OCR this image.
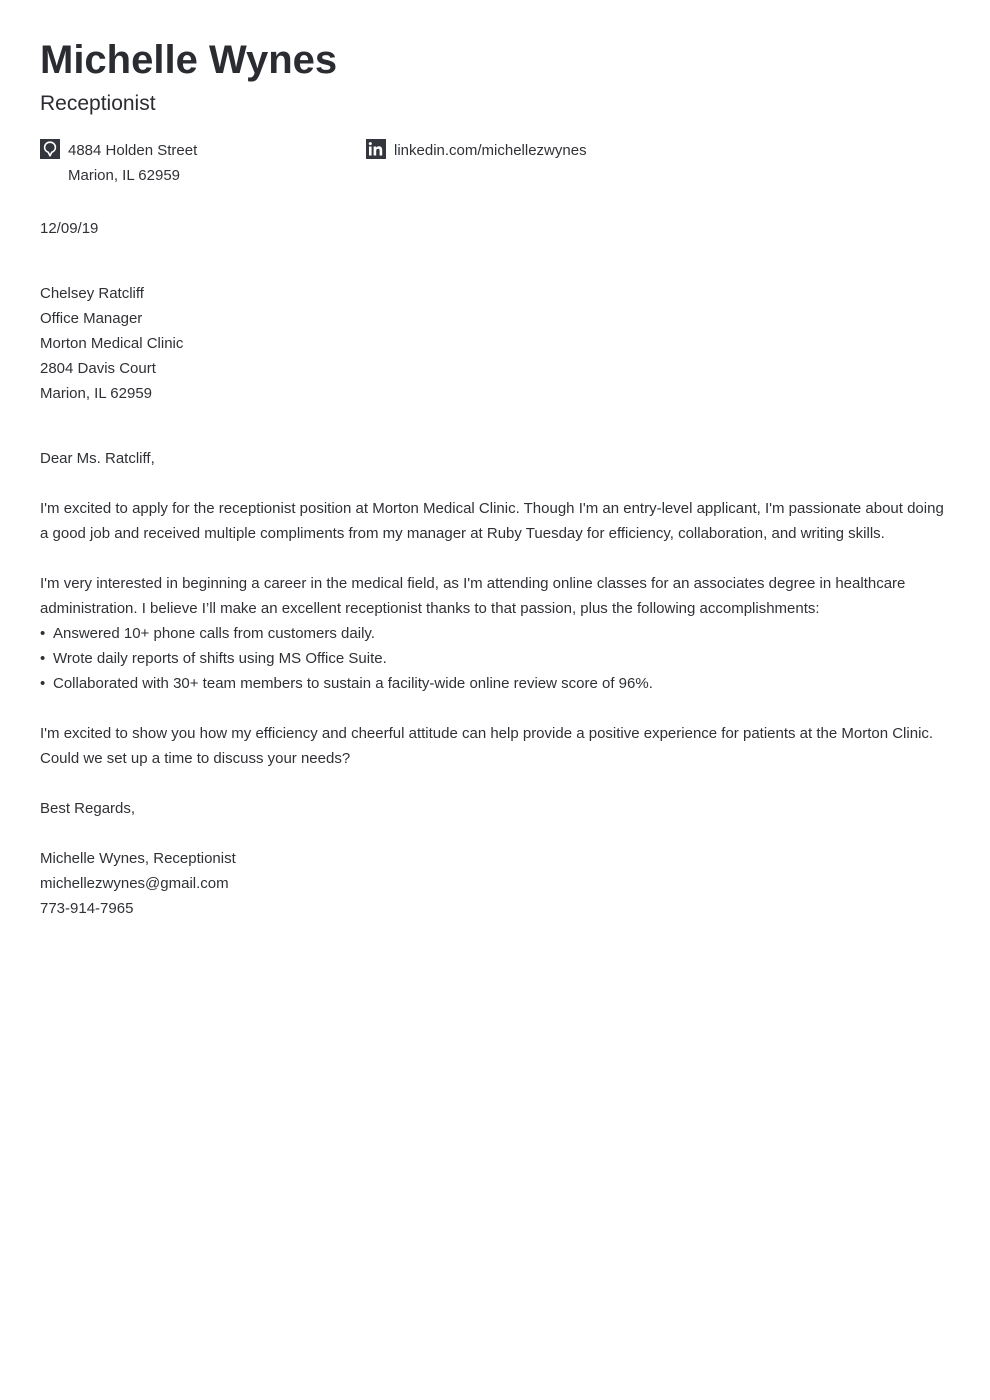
Michelle Wynes
Receptionist
4884 Holden Street
Marion, IL 62959
linkedin.com/michellezwynes
12/09/19
Chelsey Ratcliff
Office Manager
Morton Medical Clinic
2804 Davis Court
Marion, IL 62959
Dear Ms. Ratcliff,

I'm excited to apply for the receptionist position at Morton Medical Clinic. Though I'm an entry-level applicant, I'm passionate about doing a good job and received multiple compliments from my manager at Ruby Tuesday for efficiency, collaboration, and writing skills.

I'm very interested in beginning a career in the medical field, as I'm attending online classes for an associates degree in healthcare administration. I believe I’ll make an excellent receptionist thanks to that passion, plus the following accomplishments:

• Answered 10+ phone calls from customers daily.
• Wrote daily reports of shifts using MS Office Suite.
• Collaborated with 30+ team members to sustain a facility-wide online review score of 96%.

I'm excited to show you how my efficiency and cheerful attitude can help provide a positive experience for patients at the Morton Clinic. Could we set up a time to discuss your needs?

Best Regards,
Michelle Wynes, Receptionist
michellezwynes@gmail.com
773-914-7965
